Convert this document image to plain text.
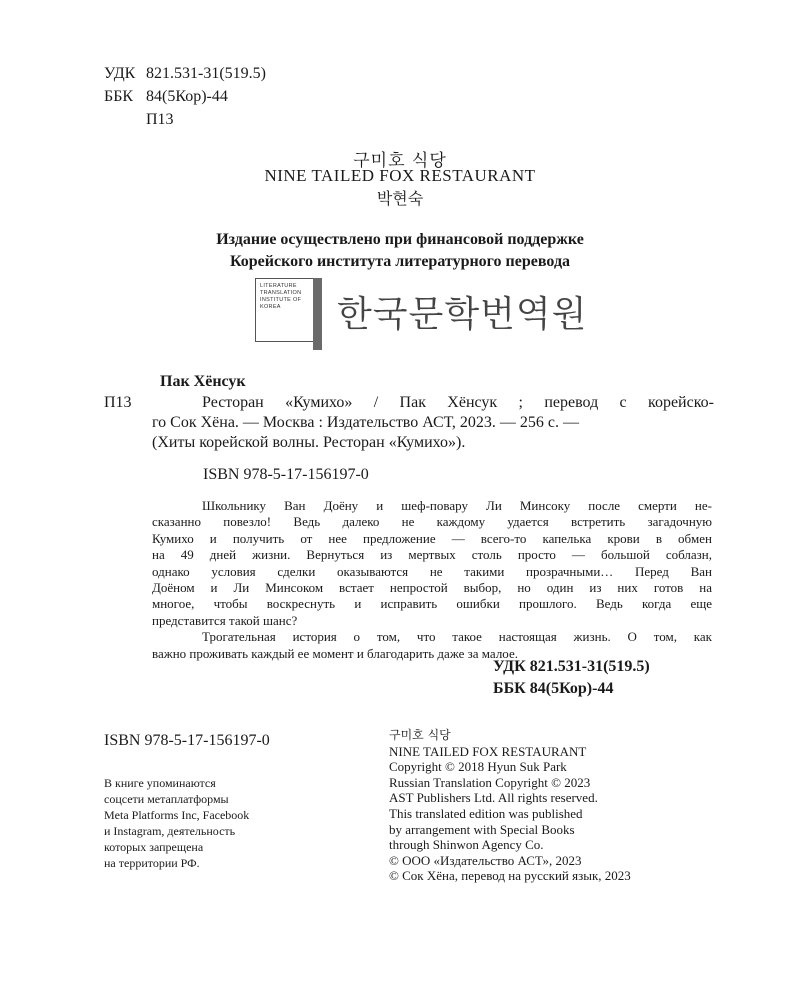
УДК 821.531-31(519.5)
ББК 84(5Кор)-44
П13
구미호 식당
NINE TAILED FOX RESTAURANT
박현숙
Издание осуществлено при финансовой поддержке
Корейского института литературного перевода
LITERATURE
TRANSLATION
INSTITUTE OF
KOREA	한국문학번역원
Пак Хёнсук
П13	Ресторан «Кумихо» / Пак Хёнсук ; перевод с корейско-
го Сок Хёна. — Москва : Издательство АСТ, 2023. — 256 с. —
(Хиты корейской волны. Ресторан «Кумихо»).
ISBN 978-5-17-156197-0
Школьнику Ван Доёну и шеф-повару Ли Минсоку после смерти не-
сказанно повезло! Ведь далеко не каждому удается встретить загадочную
Кумихо и получить от нее предложение — всего-то капелька крови в обмен
на 49 дней жизни. Вернуться из мертвых столь просто — большой соблазн,
однако условия сделки оказываются не такими прозрачными… Перед Ван
Доёном и Ли Минсоком встает непростой выбор, но один из них готов на
многое, чтобы воскреснуть и исправить ошибки прошлого. Ведь когда еще
представится такой шанс?
Трогательная история о том, что такое настоящая жизнь. О том, как
важно проживать каждый ее момент и благодарить даже за малое.
УДК 821.531-31(519.5)
ББК 84(5Кор)-44
ISBN 978-5-17-156197-0
В книге упоминаются
соцсети метаплатформы
Meta Platforms Inc, Facebook
и Instagram, деятельность
которых запрещена
на территории РФ.
구미호 식당
NINE TAILED FOX RESTAURANT
Copyright © 2018 Hyun Suk Park
Russian Translation Copyright © 2023
AST Publishers Ltd. All rights reserved.
This translated edition was published
by arrangement with Special Books
through Shinwon Agency Co.
© ООО «Издательство АСТ», 2023
© Сок Хёна, перевод на русский язык, 2023
